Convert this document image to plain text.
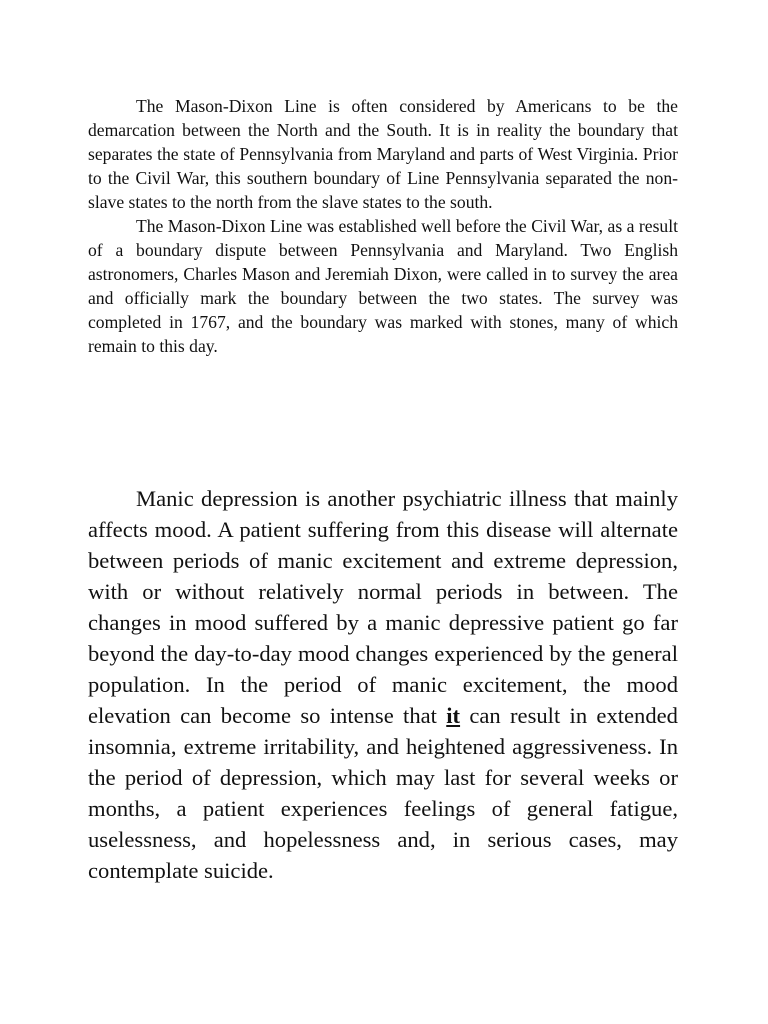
The Mason-Dixon Line is often considered by Americans to be the demarcation between the North and the South. It is in reality the boundary that separates the state of Pennsylvania from Maryland and parts of West Virginia. Prior to the Civil War, this southern boundary of Line Pennsylvania separated the non-slave states to the north from the slave states to the south.

The Mason-Dixon Line was established well before the Civil War, as a result of a boundary dispute between Pennsylvania and Maryland. Two English astronomers, Charles Mason and Jeremiah Dixon, were called in to survey the area and officially mark the boundary between the two states. The survey was completed in 1767, and the boundary was marked with stones, many of which remain to this day.

Manic depression is another psychiatric illness that mainly affects mood. A patient suffering from this disease will alternate between periods of manic excitement and extreme depression, with or without relatively normal periods in between. The changes in mood suffered by a manic depressive patient go far beyond the day-to-day mood changes experienced by the general population. In the period of manic excitement, the mood elevation can become so intense that it can result in extended insomnia, extreme irritability, and heightened aggressiveness. In the period of depression, which may last for several weeks or months, a patient experiences feelings of general fatigue, uselessness, and hopelessness and, in serious cases, may contemplate suicide.
